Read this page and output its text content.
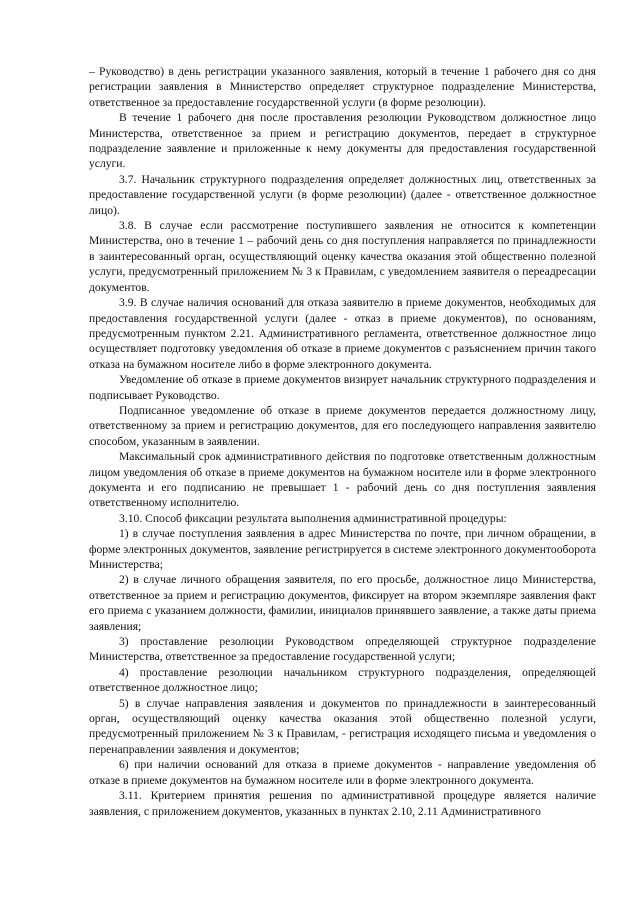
– Руководство) в день регистрации указанного заявления, который в течение 1 рабочего дня со дня регистрации заявления в Министерство определяет структурное подразделение Министерства, ответственное за предоставление государственной услуги (в форме резолюции).

В течение 1 рабочего дня после проставления резолюции Руководством должностное лицо Министерства, ответственное за прием и регистрацию документов, передает в структурное подразделение заявление и приложенные к нему документы для предоставления государственной услуги.

3.7. Начальник структурного подразделения определяет должностных лиц, ответственных за предоставление государственной услуги (в форме резолюции) (далее - ответственное должностное лицо).

3.8. В случае если рассмотрение поступившего заявления не относится к компетенции Министерства, оно в течение 1 – рабочий день со дня поступления направляется по принадлежности в заинтересованный орган, осуществляющий оценку качества оказания этой общественно полезной услуги, предусмотренный приложением № 3 к Правилам, с уведомлением заявителя о переадресации документов.

3.9. В случае наличия оснований для отказа заявителю в приеме документов, необходимых для предоставления государственной услуги (далее - отказ в приеме документов), по основаниям, предусмотренным пунктом 2.21. Административного регламента, ответственное должностное лицо осуществляет подготовку уведомления об отказе в приеме документов с разъяснением причин такого отказа на бумажном носителе либо в форме электронного документа.

Уведомление об отказе в приеме документов визирует начальник структурного подразделения и подписывает Руководство.

Подписанное уведомление об отказе в приеме документов передается должностному лицу, ответственному за прием и регистрацию документов, для его последующего направления заявителю способом, указанным в заявлении.

Максимальный срок административного действия по подготовке ответственным должностным лицом уведомления об отказе в приеме документов на бумажном носителе или в форме электронного документа и его подписанию не превышает 1 - рабочий день со дня поступления заявления ответственному исполнителю.

3.10. Способ фиксации результата выполнения административной процедуры:

1) в случае поступления заявления в адрес Министерства по почте, при личном обращении, в форме электронных документов, заявление регистрируется в системе электронного документооборота Министерства;

2) в случае личного обращения заявителя, по его просьбе, должностное лицо Министерства, ответственное за прием и регистрацию документов, фиксирует на втором экземпляре заявления факт его приема с указанием должности, фамилии, инициалов принявшего заявление, а также даты приема заявления;

3) проставление резолюции Руководством определяющей структурное подразделение Министерства, ответственное за предоставление государственной услуги;

4) проставление резолюции начальником структурного подразделения, определяющей ответственное должностное лицо;

5) в случае направления заявления и документов по принадлежности в заинтересованный орган, осуществляющий оценку качества оказания этой общественно полезной услуги, предусмотренный приложением № 3 к Правилам, - регистрация исходящего письма и уведомления о перенаправлении заявления и документов;

6) при наличии оснований для отказа в приеме документов - направление уведомления об отказе в приеме документов на бумажном носителе или в форме электронного документа.

3.11. Критерием принятия решения по административной процедуре является наличие заявления, с приложением документов, указанных в пунктах 2.10, 2.11 Административного
